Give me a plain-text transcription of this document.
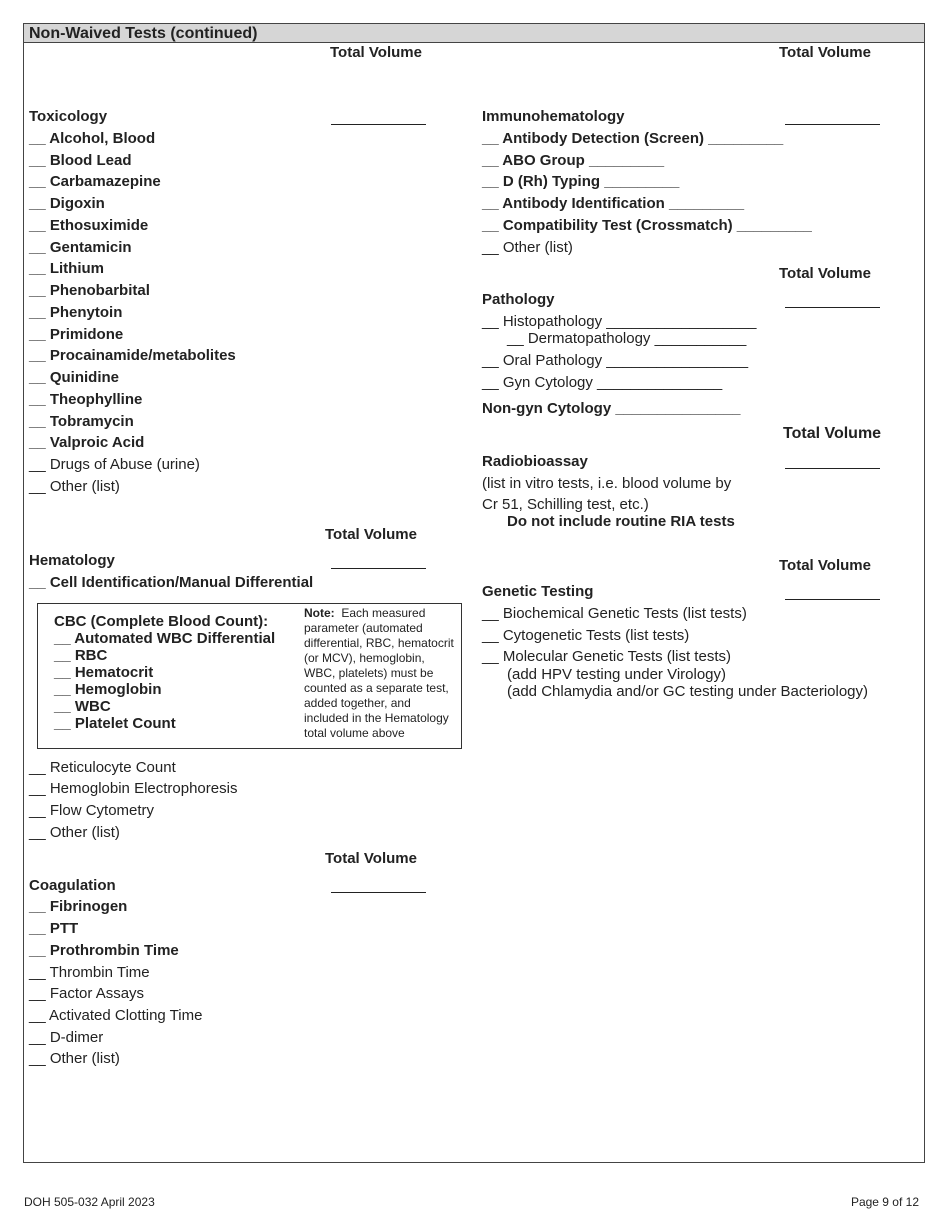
Non-Waived Tests (continued)
Total Volume	Total Volume
Toxicology
__ Alcohol, Blood
__ Blood Lead
__ Carbamazepine
__ Digoxin
__ Ethosuximide
__ Gentamicin
__ Lithium
__ Phenobarbital
__ Phenytoin
__ Primidone
__ Procainamide/metabolites
__ Quinidine
__ Theophylline
__ Tobramycin
__ Valproic Acid
__ Drugs of Abuse (urine)
__ Other (list)
Total Volume
Hematology
__ Cell Identification/Manual Differential
CBC (Complete Blood Count):
__ Automated WBC Differential
__ RBC
__ Hematocrit
__ Hemoglobin
__ WBC
__ Platelet Count
Note: Each measured parameter (automated differential, RBC, hematocrit (or MCV), hemoglobin, WBC, platelets) must be counted as a separate test, added together, and included in the Hematology total volume above
__ Reticulocyte Count
__ Hemoglobin Electrophoresis
__ Flow Cytometry
__ Other (list)
Total Volume
Coagulation
__ Fibrinogen
__ PTT
__ Prothrombin Time
__ Thrombin Time
__ Factor Assays
__ Activated Clotting Time
__ D-dimer
__ Other (list)
Immunohematology
__ Antibody Detection (Screen) _________
__ ABO Group _________
__ D (Rh) Typing _________
__ Antibody Identification _________
__ Compatibility Test (Crossmatch) _________
__ Other (list)
Total Volume
Pathology
__ Histopathology __________________
__ Dermatopathology ___________
__ Oral Pathology _________________
__ Gyn Cytology _______________
Non-gyn Cytology _______________
Total Volume
Radiobioassay
(list in vitro tests, i.e. blood volume by
Cr 51, Schilling test, etc.)
Do not include routine RIA tests
Total Volume
Genetic Testing
__ Biochemical Genetic Tests (list tests)
__ Cytogenetic Tests (list tests)
__ Molecular Genetic Tests (list tests)
(add HPV testing under Virology)
(add Chlamydia and/or GC testing under Bacteriology)
DOH 505-032 April 2023	Page 9 of 12
